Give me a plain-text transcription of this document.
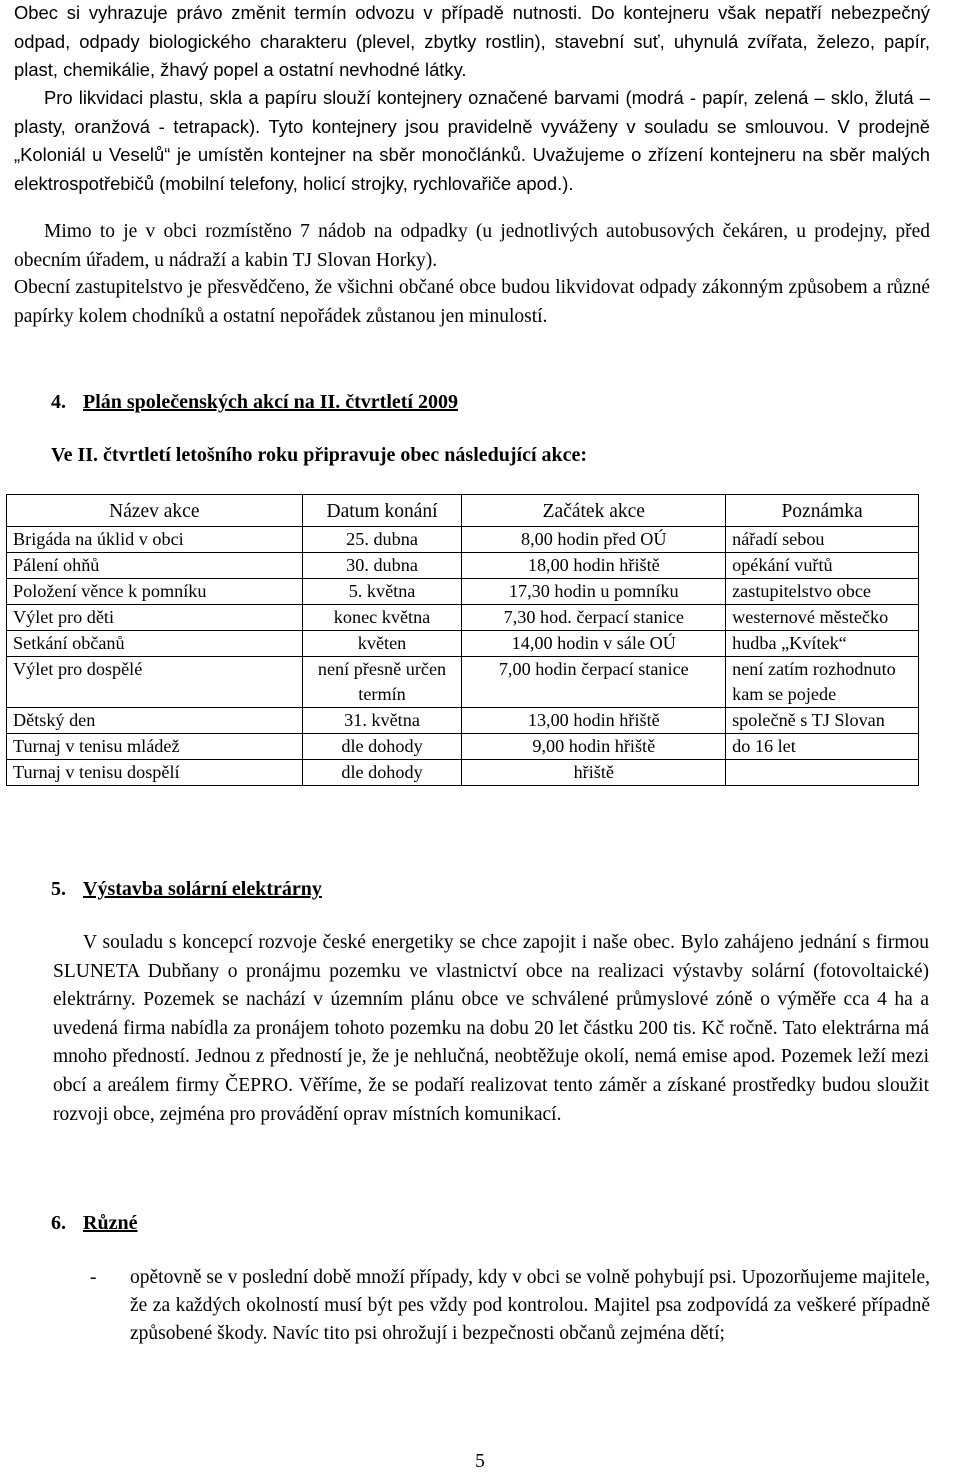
Obec si vyhrazuje právo změnit termín odvozu v případě nutnosti. Do kontejneru však nepatří nebezpečný odpad, odpady biologického charakteru (plevel, zbytky rostlin), stavební suť, uhynulá zvířata, železo, papír, plast, chemikálie, žhavý popel a ostatní nevhodné látky.

Pro likvidaci plastu, skla a papíru slouží kontejnery označené barvami (modrá - papír, zelená – sklo, žlutá – plasty, oranžová - tetrapack). Tyto kontejnery jsou pravidelně vyváženy v souladu se smlouvou. V prodejně „Koloniál u Veselů“ je umístěn kontejner na sběr monočlánků. Uvažujeme o zřízení kontejneru na sběr malých elektrospotřebičů (mobilní telefony, holicí strojky, rychlovařiče apod.).

Mimo to je v obci rozmístěno 7 nádob na odpadky (u jednotlivých autobusových čekáren, u prodejny, před obecním úřadem, u nádraží a kabin TJ Slovan Horky).

Obecní zastupitelstvo je přesvědčeno, že všichni občané obce budou likvidovat odpady zákonným způsobem a různé papírky kolem chodníků a ostatní nepořádek zůstanou jen minulostí.

4. Plán společenských akcí na II. čtvrtletí 2009
Ve II. čtvrtletí letošního roku připravuje obec následující akce:
Název akce	Datum konání	Začátek akce	Poznámka
Brigáda na úklid v obci	25. dubna	8,00 hodin před OÚ	nářadí sebou
Pálení ohňů	30. dubna	18,00 hodin hřiště	opékání vuřtů
Položení věnce k pomníku	5. května	17,30 hodin u pomníku	zastupitelstvo obce
Výlet pro děti	konec května	7,30 hod. čerpací stanice	westernové městečko
Setkání občanů	květen	14,00 hodin v sále OÚ	hudba „Kvítek“
Výlet pro dospělé	není přesně určen termín	7,00 hodin čerpací stanice	není zatím rozhodnuto kam se pojede
Dětský den	31. května	13,00 hodin hřiště	společně s TJ Slovan
Turnaj v tenisu mládež	dle dohody	9,00 hodin hřiště	do 16 let
Turnaj v tenisu dospělí	dle dohody	hřiště	
5. Výstavba solární elektrárny

V souladu s koncepcí rozvoje české energetiky se chce zapojit i naše obec. Bylo zahájeno jednání s firmou SLUNETA Dubňany o pronájmu pozemku ve vlastnictví obce na realizaci výstavby solární (fotovoltaické) elektrárny. Pozemek se nachází v územním plánu obce ve schválené průmyslové zóně o výměře cca 4 ha a uvedená firma nabídla za pronájem tohoto pozemku na dobu 20 let částku 200 tis. Kč ročně. Tato elektrárna má mnoho předností. Jednou z předností je, že je nehlučná, neobtěžuje okolí, nemá emise apod. Pozemek leží mezi obcí a areálem firmy ČEPRO. Věříme, že se podaří realizovat tento záměr a získané prostředky budou sloužit rozvoji obce, zejména pro provádění oprav místních komunikací.

6. Různé
-	opětovně se v poslední době množí případy, kdy v obci se volně pohybují psi. Upozorňujeme majitele, že za každých okolností musí být pes vždy pod kontrolou. Majitel psa zodpovídá za veškeré případně způsobené škody. Navíc tito psi ohrožují i bezpečnosti občanů zejména dětí;
5
